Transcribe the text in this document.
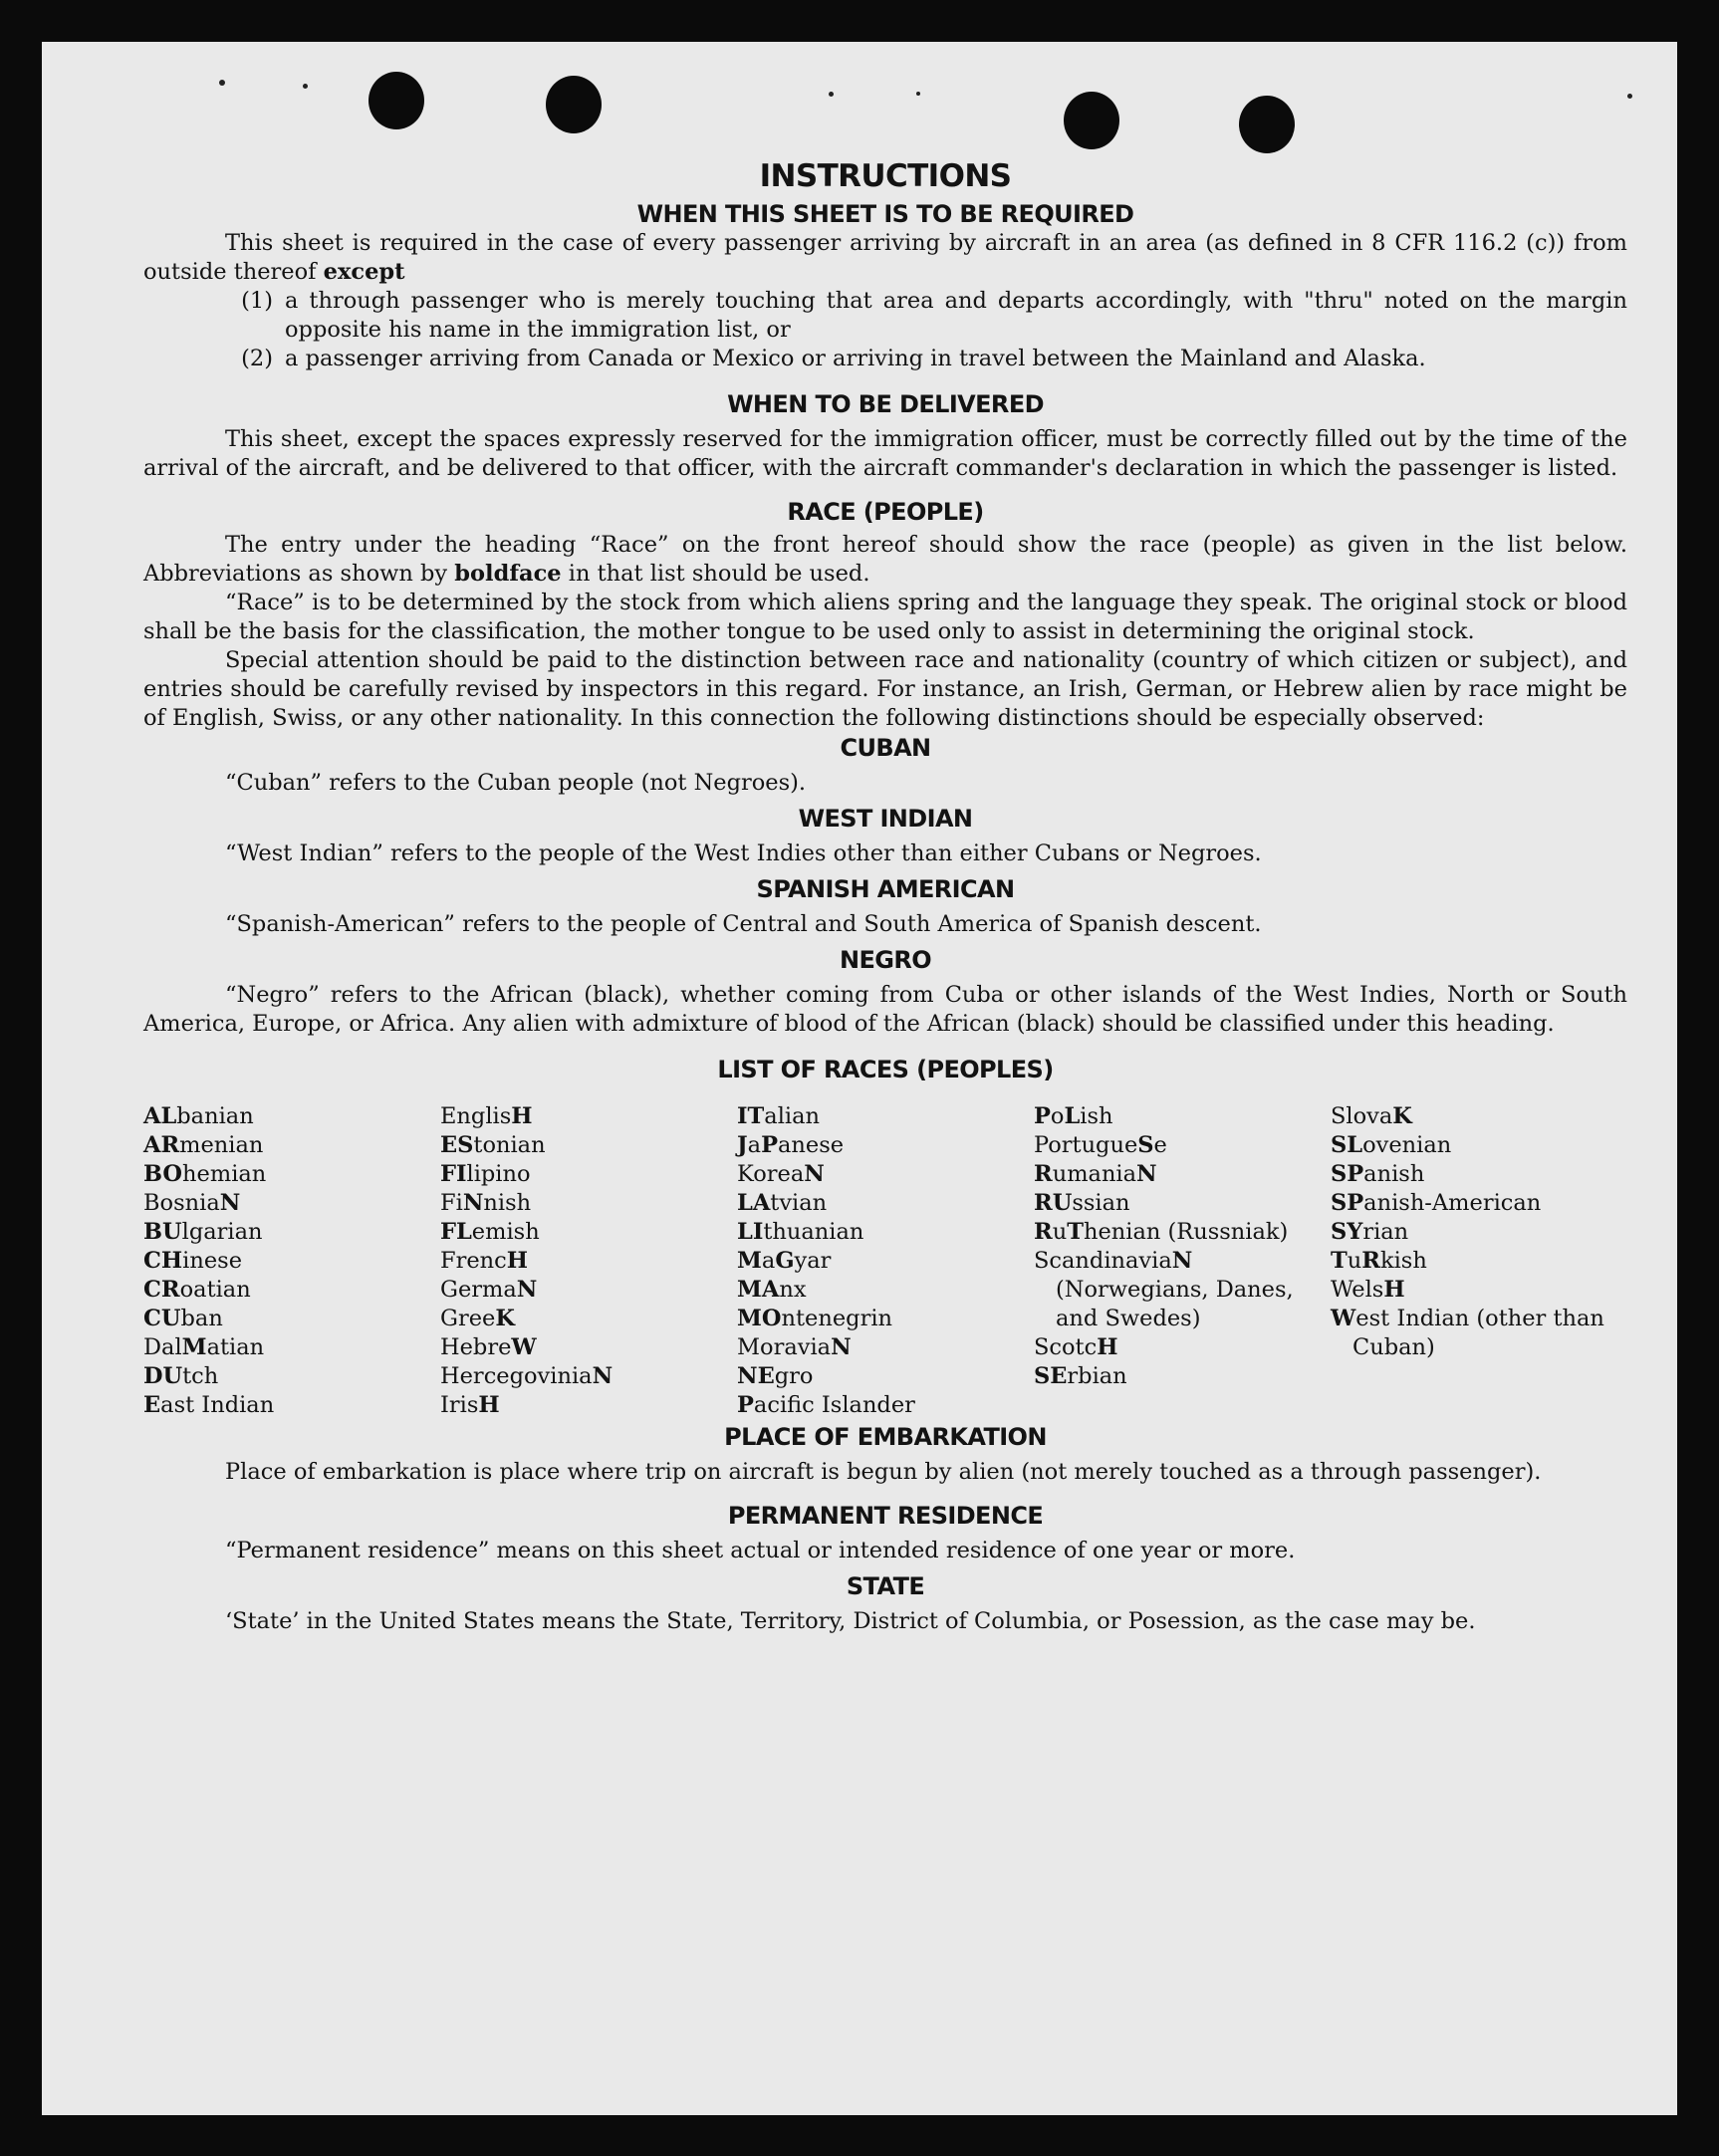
INSTRUCTIONS
WHEN THIS SHEET IS TO BE REQUIRED

This sheet is required in the case of every passenger arriving by aircraft in an area (as defined in 8 CFR 116.2 (c)) from outside thereof except

(1) a through passenger who is merely touching that area and departs accordingly, with "thru" noted on the margin opposite his name in the immigration list, or
(2) a passenger arriving from Canada or Mexico or arriving in travel between the Mainland and Alaska.
WHEN TO BE DELIVERED

This sheet, except the spaces expressly reserved for the immigration officer, must be correctly filled out by the time of the arrival of the aircraft, and be delivered to that officer, with the aircraft commander's declaration in which the passenger is listed.

RACE (PEOPLE)

The entry under the heading “Race” on the front hereof should show the race (people) as given in the list below. Abbreviations as shown by boldface in that list should be used.

“Race” is to be determined by the stock from which aliens spring and the language they speak. The original stock or blood shall be the basis for the classification, the mother tongue to be used only to assist in determining the original stock.

Special attention should be paid to the distinction between race and nationality (country of which citizen or subject), and entries should be carefully revised by inspectors in this regard. For instance, an Irish, German, or Hebrew alien by race might be of English, Swiss, or any other nationality. In this connection the following distinctions should be especially observed:

CUBAN

“Cuban” refers to the Cuban people (not Negroes).

WEST INDIAN

“West Indian” refers to the people of the West Indies other than either Cubans or Negroes.

SPANISH AMERICAN

“Spanish-American” refers to the people of Central and South America of Spanish descent.

NEGRO

“Negro” refers to the African (black), whether coming from Cuba or other islands of the West Indies, North or South America, Europe, or Africa. Any alien with admixture of blood of the African (black) should be classified under this heading.

LIST OF RACES (PEOPLES)
ALbanian
ARmenian
BOhemian
BosniaN
BUlgarian
CHinese
CRoatian
CUban
DalMatian
DUtch
East Indian
EnglisH
EStonian
FIlipino
FiNnish
FLemish
FrencH
GermaN
GreeK
HebreW
HercegoviniaN
IrisH
ITalian
JaPanese
KoreaN
LAtvian
LIthuanian
MaGyar
MAnx
MOntenegrin
MoraviaN
NEgro
Pacific Islander
PoLish
PortugueSe
RumaniaN
RUssian
RuThenian (Russniak)
ScandinaviaN (Norwegians, Danes, and Swedes)
ScotcH
SErbian
SlovaK
SLovenian
SPanish
SPanish-American
SYrian
TuRkish
WelsH
West Indian (other than Cuban)
PLACE OF EMBARKATION

Place of embarkation is place where trip on aircraft is begun by alien (not merely touched as a through passenger).

PERMANENT RESIDENCE

“Permanent residence” means on this sheet actual or intended residence of one year or more.

STATE

‘State’ in the United States means the State, Territory, District of Columbia, or Posession, as the case may be.
